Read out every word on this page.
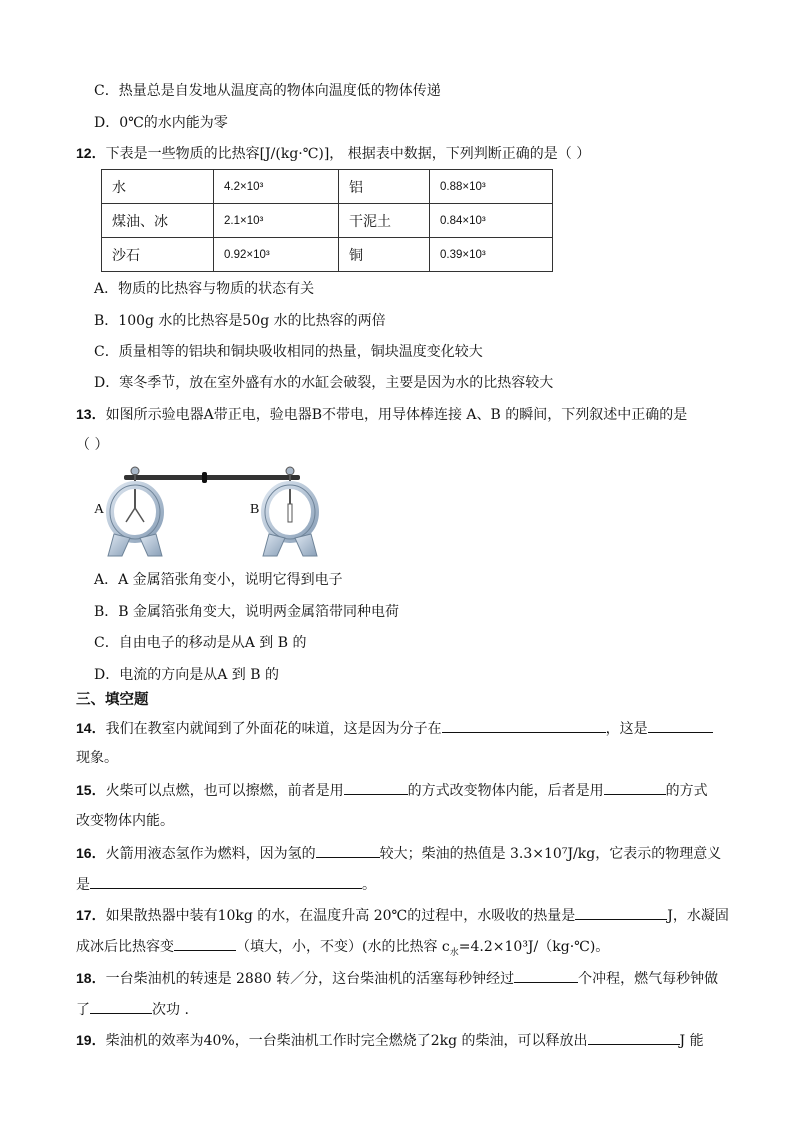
C．热量总是自发地从温度高的物体向温度低的物体传递
D．0℃的水内能为零
12．下表是一些物质的比热容[J/(kg·℃)]， 根据表中数据，下列判断正确的是（ ）
水	4.2×10³	铝	0.88×10³
煤油、冰	2.1×10³	干泥土	0.84×10³
沙石	0.92×10³	铜	0.39×10³
A．物质的比热容与物质的状态有关
B．100g 水的比热容是50g 水的比热容的两倍
C．质量相等的铝块和铜块吸收相同的热量，铜块温度变化较大
D．寒冬季节，放在室外盛有水的水缸会破裂，主要是因为水的比热容较大
13．如图所示验电器A带正电，验电器B不带电，用导体棒连接 A、B 的瞬间，下列叙述中正确的是
（ ）
A	B
A．A 金属箔张角变小，说明它得到电子
B．B 金属箔张角变大，说明两金属箔带同种电荷
C．自由电子的移动是从A 到 B 的
D．电流的方向是从A 到 B 的
三、填空题
14．我们在教室内就闻到了外面花的味道，这是因为分子在	，这是
现象。
15．火柴可以点燃，也可以擦燃，前者是用	的方式改变物体内能，后者是用	的方式
改变物体内能。
16．火箭用液态氢作为燃料，因为氢的	较大；柴油的热值是 3.3×10⁷J/kg，它表示的物理意义
是	。
17．如果散热器中装有10kg 的水，在温度升高 20℃的过程中，水吸收的热量是	J，水凝固
成冰后比热容变	（填大，小，不变）(水的比热容 $c_水=4.2\times 10^3J/(kg\cdot℃)$。
18．一台柴油机的转速是 2880 转／分，这台柴油机的活塞每秒钟经过	个冲程，燃气每秒钟做
了	次功 .
19．柴油机的效率为40%，一台柴油机工作时完全燃烧了2kg 的柴油，可以释放出	J 能
